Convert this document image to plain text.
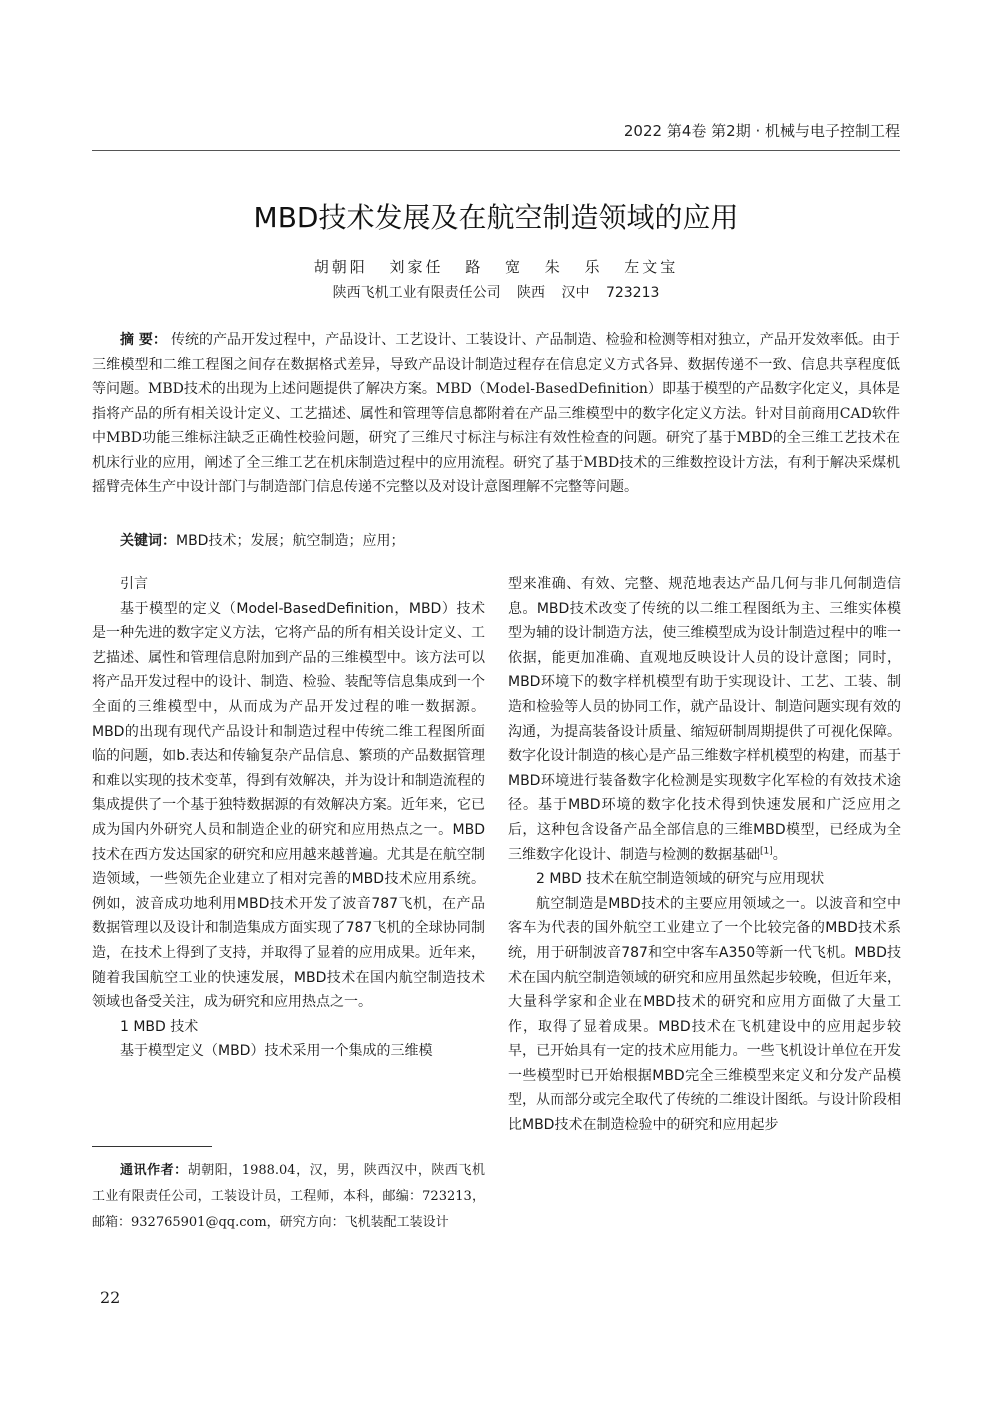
2022 第4卷 第2期 · 机械与电子控制工程
MBD技术发展及在航空制造领域的应用
胡朝阳 刘家任 路 宽 朱 乐 左文宝
陕西飞机工业有限责任公司 陕西 汉中 723213
摘 要： 传统的产品开发过程中，产品设计、工艺设计、工装设计、产品制造、检验和检测等相对独立，产品开发效率低。由于三维模型和二维工程图之间存在数据格式差异，导致产品设计制造过程存在信息定义方式各异、数据传递不一致、信息共享程度低等问题。MBD技术的出现为上述问题提供了解决方案。MBD（Model-BasedDefinition）即基于模型的产品数字化定义，具体是指将产品的所有相关设计定义、工艺描述、属性和管理等信息都附着在产品三维模型中的数字化定义方法。针对目前商用CAD软件中MBD功能三维标注缺乏正确性校验问题，研究了三维尺寸标注与标注有效性检查的问题。研究了基于MBD的全三维工艺技术在机床行业的应用，阐述了全三维工艺在机床制造过程中的应用流程。研究了基于MBD技术的三维数控设计方法，有利于解决采煤机摇臂壳体生产中设计部门与制造部门信息传递不完整以及对设计意图理解不完整等问题。
关键词：MBD技术；发展；航空制造；应用；

引言

基于模型的定义（Model-BasedDefinition，MBD）技术是一种先进的数字定义方法，它将产品的所有相关设计定义、工艺描述、属性和管理信息附加到产品的三维模型中。该方法可以将产品开发过程中的设计、制造、检验、装配等信息集成到一个全面的三维模型中，从而成为产品开发过程的唯一数据源。MBD的出现有现代产品设计和制造过程中传统二维工程图所面临的问题，如b.表达和传输复杂产品信息、繁琐的产品数据管理和难以实现的技术变革，得到有效解决，并为设计和制造流程的集成提供了一个基于独特数据源的有效解决方案。近年来，它已成为国内外研究人员和制造企业的研究和应用热点之一。MBD技术在西方发达国家的研究和应用越来越普遍。尤其是在航空制造领域，一些领先企业建立了相对完善的MBD技术应用系统。例如，波音成功地利用MBD技术开发了波音787飞机，在产品数据管理以及设计和制造集成方面实现了787飞机的全球协同制造，在技术上得到了支持，并取得了显着的应用成果。近年来，随着我国航空工业的快速发展，MBD技术在国内航空制造技术领域也备受关注，成为研究和应用热点之一。

1 MBD 技术

基于模型定义（MBD）技术采用一个集成的三维模

型来准确、有效、完整、规范地表达产品几何与非几何制造信息。MBD技术改变了传统的以二维工程图纸为主、三维实体模型为辅的设计制造方法，使三维模型成为设计制造过程中的唯一依据，能更加准确、直观地反映设计人员的设计意图；同时，MBD环境下的数字样机模型有助于实现设计、工艺、工装、制造和检验等人员的协同工作，就产品设计、制造问题实现有效的沟通，为提高装备设计质量、缩短研制周期提供了可视化保障。数字化设计制造的核心是产品三维数字样机模型的构建，而基于MBD环境进行装备数字化检测是实现数字化军检的有效技术途径。基于MBD环境的数字化技术得到快速发展和广泛应用之后，这种包含设备产品全部信息的三维MBD模型，已经成为全三维数字化设计、制造与检测的数据基础[1]。

2 MBD 技术在航空制造领域的研究与应用现状

航空制造是MBD技术的主要应用领域之一。以波音和空中客车为代表的国外航空工业建立了一个比较完备的MBD技术系统，用于研制波音787和空中客车A350等新一代飞机。MBD技术在国内航空制造领域的研究和应用虽然起步较晚，但近年来，大量科学家和企业在MBD技术的研究和应用方面做了大量工作，取得了显着成果。MBD技术在飞机建设中的应用起步较早，已开始具有一定的技术应用能力。一些飞机设计单位在开发一些模型时已开始根据MBD完全三维模型来定义和分发产品模型，从而部分或完全取代了传统的二维设计图纸。与设计阶段相比MBD技术在制造检验中的研究和应用起步

通讯作者：胡朝阳，1988.04，汉，男，陕西汉中，陕西飞机工业有限责任公司，工装设计员，工程师，本科，邮编：723213，邮箱：932765901@qq.com，研究方向：飞机装配工装设计
22
